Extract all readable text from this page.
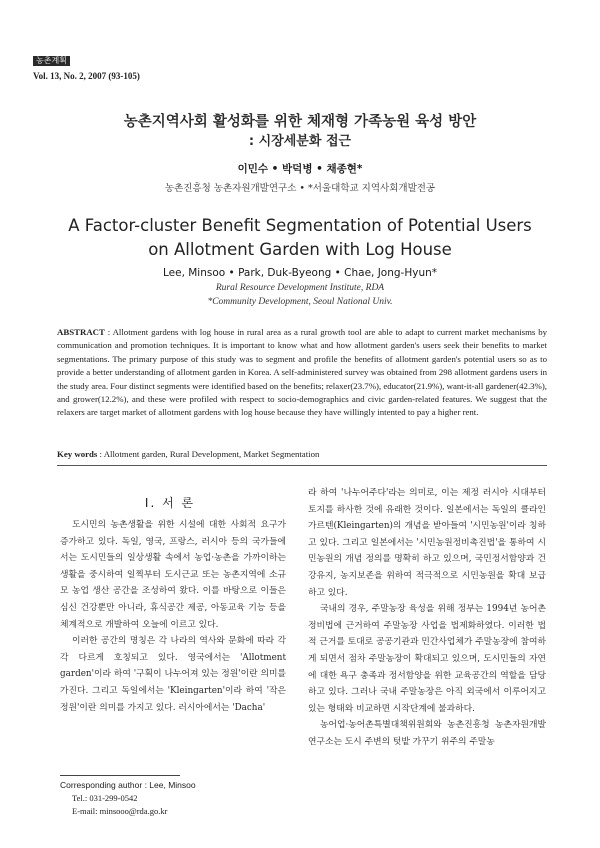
농촌계획
Vol. 13, No. 2, 2007 (93-105)
농촌지역사회 활성화를 위한 체재형 가족농원 육성 방안
: 시장세분화 접근
이민수 • 박덕병 • 채종현*
농촌진흥청 농촌자원개발연구소 • *서울대학교 지역사회개발전공
A Factor-cluster Benefit Segmentation of Potential Users
on Allotment Garden with Log House
Lee, Minsoo • Park, Duk-Byeong • Chae, Jong-Hyun*
Rural Resource Development Institute, RDA
*Community Development, Seoul National Univ.
ABSTRACT : Allotment gardens with log house in rural area as a rural growth tool are able to adapt to current market mechanisms by communication and promotion techniques. It is important to know what and how allotment garden's users seek their benefits to market segmentations. The primary purpose of this study was to segment and profile the benefits of allotment garden's potential users so as to provide a better understanding of allotment garden in Korea. A self-administered survey was obtained from 298 allotment gardens users in the study area. Four distinct segments were identified based on the benefits; relaxer(23.7%), educator(21.9%), want-it-all gardener(42.3%), and grower(12.2%), and these were profiled with respect to socio-demographics and civic garden-related features. We suggest that the relaxers are target market of allotment gardens with log house because they have willingly intented to pay a higher rent.
Key words : Allotment garden, Rural Development, Market Segmentation
Ⅰ. 서 론

도시민의 농촌생활을 위한 시설에 대한 사회적 요구가 증가하고 있다. 독일, 영국, 프랑스, 러시아 등의 국가들에서는 도시민들의 일상생활 속에서 농업·농촌을 가까이하는 생활을 중시하여 일찍부터 도시근교 또는 농촌지역에 소규모 농업 생산 공간을 조성하여 왔다. 이를 바탕으로 이들은 심신 건강뿐만 아니라, 휴식공간 제공, 아동교육 기능 등을 체계적으로 개발하여 오늘에 이르고 있다.

이러한 공간의 명칭은 각 나라의 역사와 문화에 따라 각각 다르게 호칭되고 있다. 영국에서는 'Allotment garden'이라 하여 '구획이 나누어져 있는 정원'이란 의미를 가진다. 그리고 독일에서는 'Kleingarten'이라 하여 '작은 정원'이란 의미를 가지고 있다. 러시아에서는 'Dacha'

라 하여 '나누어주다'라는 의미로, 이는 제정 러시아 시대부터 토지를 하사한 것에 유래한 것이다. 일본에서는 독일의 클라인가르텐(Kleingarten)의 개념을 받아들여 '시민농원'이라 칭하고 있다. 그리고 일본에서는 '시민농원정비촉진법'을 통하여 시민농원의 개념 정의를 명확히 하고 있으며, 국민정서함양과 건강유지, 농지보존을 위하여 적극적으로 시민농원을 확대 보급하고 있다.

국내의 경우, 주말농장 육성을 위해 정부는 1994년 농어촌정비법에 근거하여 주말농장 사업을 법제화하였다. 이러한 법적 근거를 토대로 공공기관과 민간사업체가 주말농장에 참여하게 되면서 점차 주말농장이 확대되고 있으며, 도시민들의 자연에 대한 욕구 충족과 정서함양을 위한 교육공간의 역할을 담당하고 있다. 그러나 국내 주말농장은 아직 외국에서 이루어지고 있는 형태와 비교하면 시작단계에 불과하다.

농어업·농어촌특별대책위원회와 농촌진흥청 농촌자원개발연구소는 도시 주변의 텃밭 가꾸기 위주의 주말농

Corresponding author : Lee, Minsoo
Tel.: 031-299-0542
E-mail: minsooo@rda.go.kr
